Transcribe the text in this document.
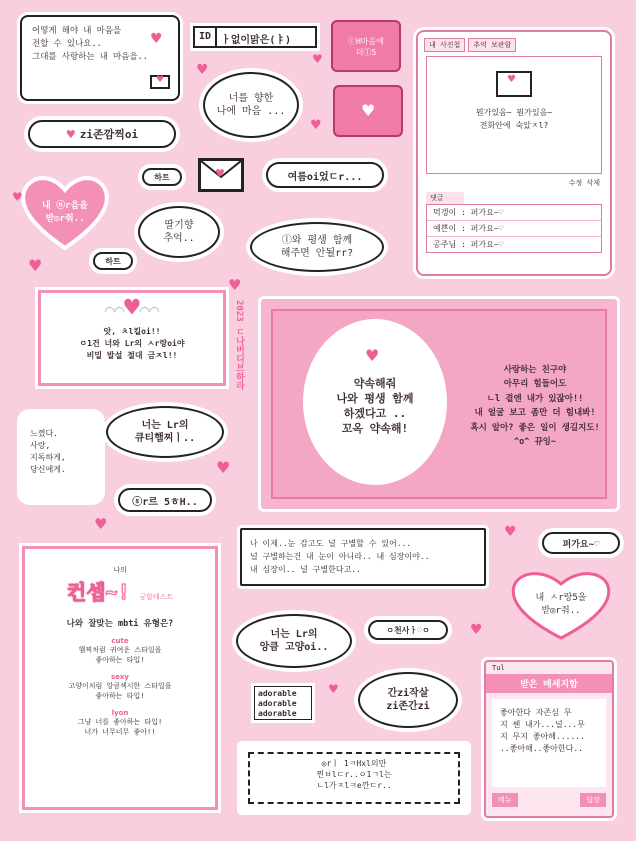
어떻게 해야 내 마음을
전할 수 있나요..
그대를 사랑하는 내 마음을..
♥
♥
ID	ㅏ없이맑은(ㅑ)	ⓒH마음에
더①5
♥
너를 향한
나에 마음 ...
♥ zi존깜찍oi
내 ⓝr음을
받◎r줘..
하트
하트
♥
딸기향
추억..
여름oi었ㄷr...
ⓛ와 평생 함께
해주면 안될rr?
내 사진첩	추억 보관함
♥
뭔가있음~ 뭔가있음~
전화안에 숙았ㅈl?
수정 삭제
댓글
먹갱이 : 퍼가요~♡
예쁜이 : 퍼가요~♡
공주님 : 퍼가요~♡
◠◠♥◠◠
앗, ㅊl킬oi!!
ㅇ1건 너와 Lr의 ㅅr랑oi야
비밀 발설 절대 금ㅈl!!	2023 ㄷ나버디브하라	♥
약속해줘
나와 평생 함께
하겠다고 ..
꼬옥 약속해!
사랑하는 친구야
아무리 힘들어도
ㄴl 곁엔 내가 있잖아!!
내 얼굴 보고 좀만 더 힘내봐!
혹시 알아? 좋은 일이 생길지도!
^o^ 뀨잉~
느꼈다.
사랑,
지독하게,
당신에게.
너는 Lr의
큐티햄찌ㅣ..
ⓢr르 5ㅎH..
나 이제..눈 감고도 널 구별할 수 있어...
널 구별하는건 내 눈이 아니라.. 내 심장이야..
내 심장이.. 널 구별한다고..
퍼가요~♡
내 ㅅr랑5을
받◎r줘..
나의
컨셉~! 궁합테스트
나와 잘맞는 mbti 유형은?
cute
햄찌처럼 귀여운 스타일을
좋아하는 타입!
sexy
고양이처럼 앙큼섹시한 스타일을
좋아하는 타입!
lyon
그냥 너를 좋아하는 타입!
너가 너무너무 좋아!!
너는 Lr의
앙큼 고양oi..
ㅇ천사ㅏ♡ㅇ
adorable
adorable
adorable
간zi작살
zi존간zi
◎rㅣ 1ㅋHxl의만
찐ㅂlㄷr..ㅇ1ㄱl는
ㄴl가ㅈlㅋe깐ㄷr..
Tul
받은 메세지함
좋아한다 자존심 무
지 쎈 내가...널...무
지 무지 좋아해......
..좋아해..좋아한다..
메뉴	답장
♥
♥
♥
♥
♥
♥
♥	♥
♥
♥
♥
